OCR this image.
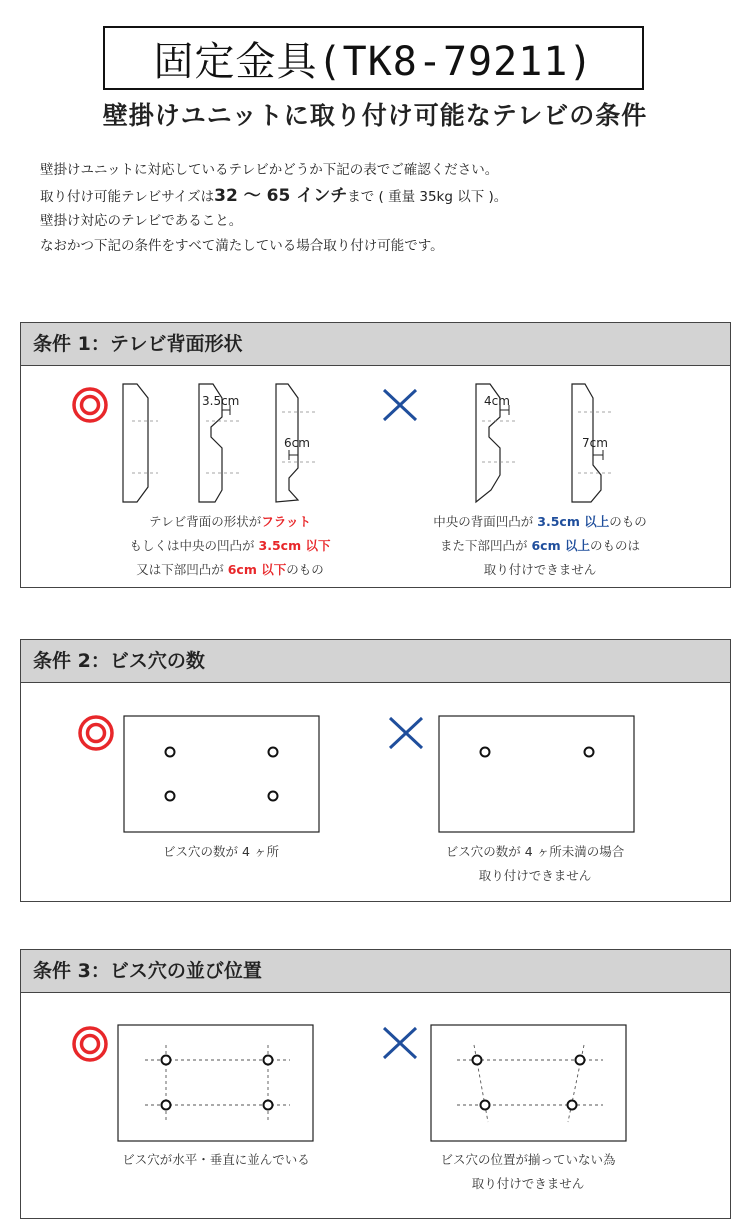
固定金具(TK8-79211)
壁掛けユニットに取り付け可能なテレビの条件
壁掛けユニットに対応しているテレビかどうか下記の表でご確認ください。
取り付け可能テレビサイズは32 〜 65 インチまで ( 重量 35kg 以下 )。
壁掛け対応のテレビであること。
なおかつ下記の条件をすべて満たしている場合取り付け可能です。
条件 1：テレビ背面形状
3.5cm
6cm
4cm
7cm
テレビ背面の形状がフラット
もしくは中央の凹凸が 3.5cm 以下
又は下部凹凸が 6cm 以下のもの
中央の背面凹凸が 3.5cm 以上のもの
また下部凹凸が 6cm 以上のものは
取り付けできません
条件 2：ビス穴の数
ビス穴の数が 4 ヶ所	ビス穴の数が 4 ヶ所未満の場合
取り付けできません
条件 3：ビス穴の並び位置
ビス穴が水平・垂直に並んでいる	ビス穴の位置が揃っていない為
取り付けできません
